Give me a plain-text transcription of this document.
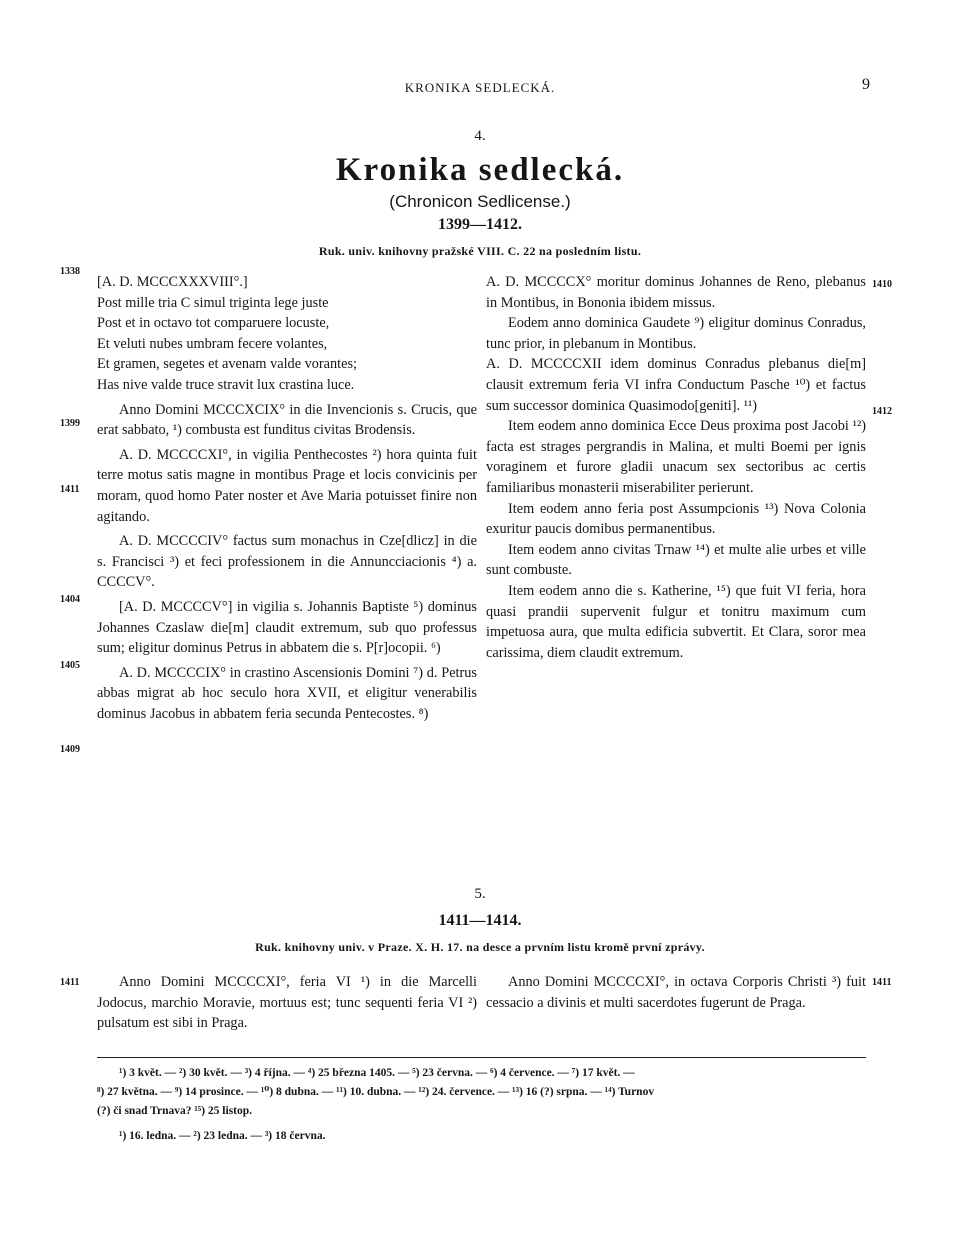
KRONIKA SEDLECKÁ.	9
4.
Kronika sedlecká.
(Chronicon Sedlicense.)
1399—1412.
Ruk. univ. knihovny pražské VIII. C. 22 na posledním listu.
1338
1399
1411
1404
1405
1409
1410
1412

[A. D. MCCCXXXVIII°.]

Post mille tria C simul triginta lege juste

Post et in octavo tot comparuere locuste,

Et veluti nubes umbram fecere volantes,

Et gramen, segetes et avenam valde vorantes;

Has nive valde truce stravit lux crastina luce.

Anno Domini MCCCXCIX° in die Invencionis s. Crucis, que erat sabbato, ¹) combusta est funditus civitas Brodensis.

A. D. MCCCCXI°, in vigilia Penthecostes ²) hora quinta fuit terre motus satis magne in montibus Prage et locis convicinis per moram, quod homo Pater noster et Ave Maria potuisset finire non agitando.

A. D. MCCCCIV° factus sum monachus in Cze[dlicz] in die s. Francisci ³) et feci professionem in die Annuncciacionis ⁴) a. CCCCV°.

[A. D. MCCCCV°] in vigilia s. Johannis Baptiste ⁵) dominus Johannes Czaslaw die[m] claudit extremum, sub quo professus sum; eligitur dominus Petrus in abbatem die s. P[r]ocopii. ⁶)

A. D. MCCCCIX° in crastino Ascensionis Domini ⁷) d. Petrus abbas migrat ab hoc seculo hora XVII, et eligitur venerabilis dominus Jacobus in abbatem feria secunda Pentecostes. ⁸)

A. D. MCCCCX° moritur dominus Johannes de Reno, plebanus in Montibus, in Bononia ibidem missus.

Eodem anno dominica Gaudete ⁹) eligitur dominus Conradus, tunc prior, in plebanum in Montibus.

A. D. MCCCCXII idem dominus Conradus plebanus die[m] clausit extremum feria VI infra Conductum Pasche ¹⁰) et factus sum successor dominica Quasimodo[geniti]. ¹¹)

Item eodem anno dominica Ecce Deus proxima post Jacobi ¹²) facta est strages pergrandis in Malina, et multi Boemi per ignis voraginem et furore gladii unacum sex sectoribus ac certis familiaribus monasterii miserabiliter perierunt.

Item eodem anno feria post Assumpcionis ¹³) Nova Colonia exuritur paucis domibus permanentibus.

Item eodem anno civitas Trnaw ¹⁴) et multe alie urbes et ville sunt combuste.

Item eodem anno die s. Katherine, ¹⁵) que fuit VI feria, hora quasi prandii supervenit fulgur et tonitru maximum cum impetuosa aura, que multa edificia subvertit. Et Clara, soror mea carissima, diem claudit extremum.

5.
1411—1414.
Ruk. knihovny univ. v Praze. X. H. 17. na desce a prvním listu kromě první zprávy.
1411	1411

Anno Domini MCCCCXI°, feria VI ¹) in die Marcelli Jodocus, marchio Moravie, mortuus est; tunc sequenti feria VI ²) pulsatum est sibi in Praga.

Anno Domini MCCCCXI°, in octava Corporis Christi ³) fuit cessacio a divinis et multi sacerdotes fugerunt de Praga.

¹) 3 květ. — ²) 30 květ. — ³) 4 října. — ⁴) 25 března 1405. — ⁵) 23 června. — ⁶) 4 července. — ⁷) 17 květ. —

⁸) 27 května. — ⁹) 14 prosince. — ¹⁰) 8 dubna. — ¹¹) 10. dubna. — ¹²) 24. července. — ¹³) 16 (?) srpna. — ¹⁴) Turnov

(?) či snad Trnava? ¹⁵) 25 listop.

¹) 16. ledna. — ²) 23 ledna. — ³) 18 června.
